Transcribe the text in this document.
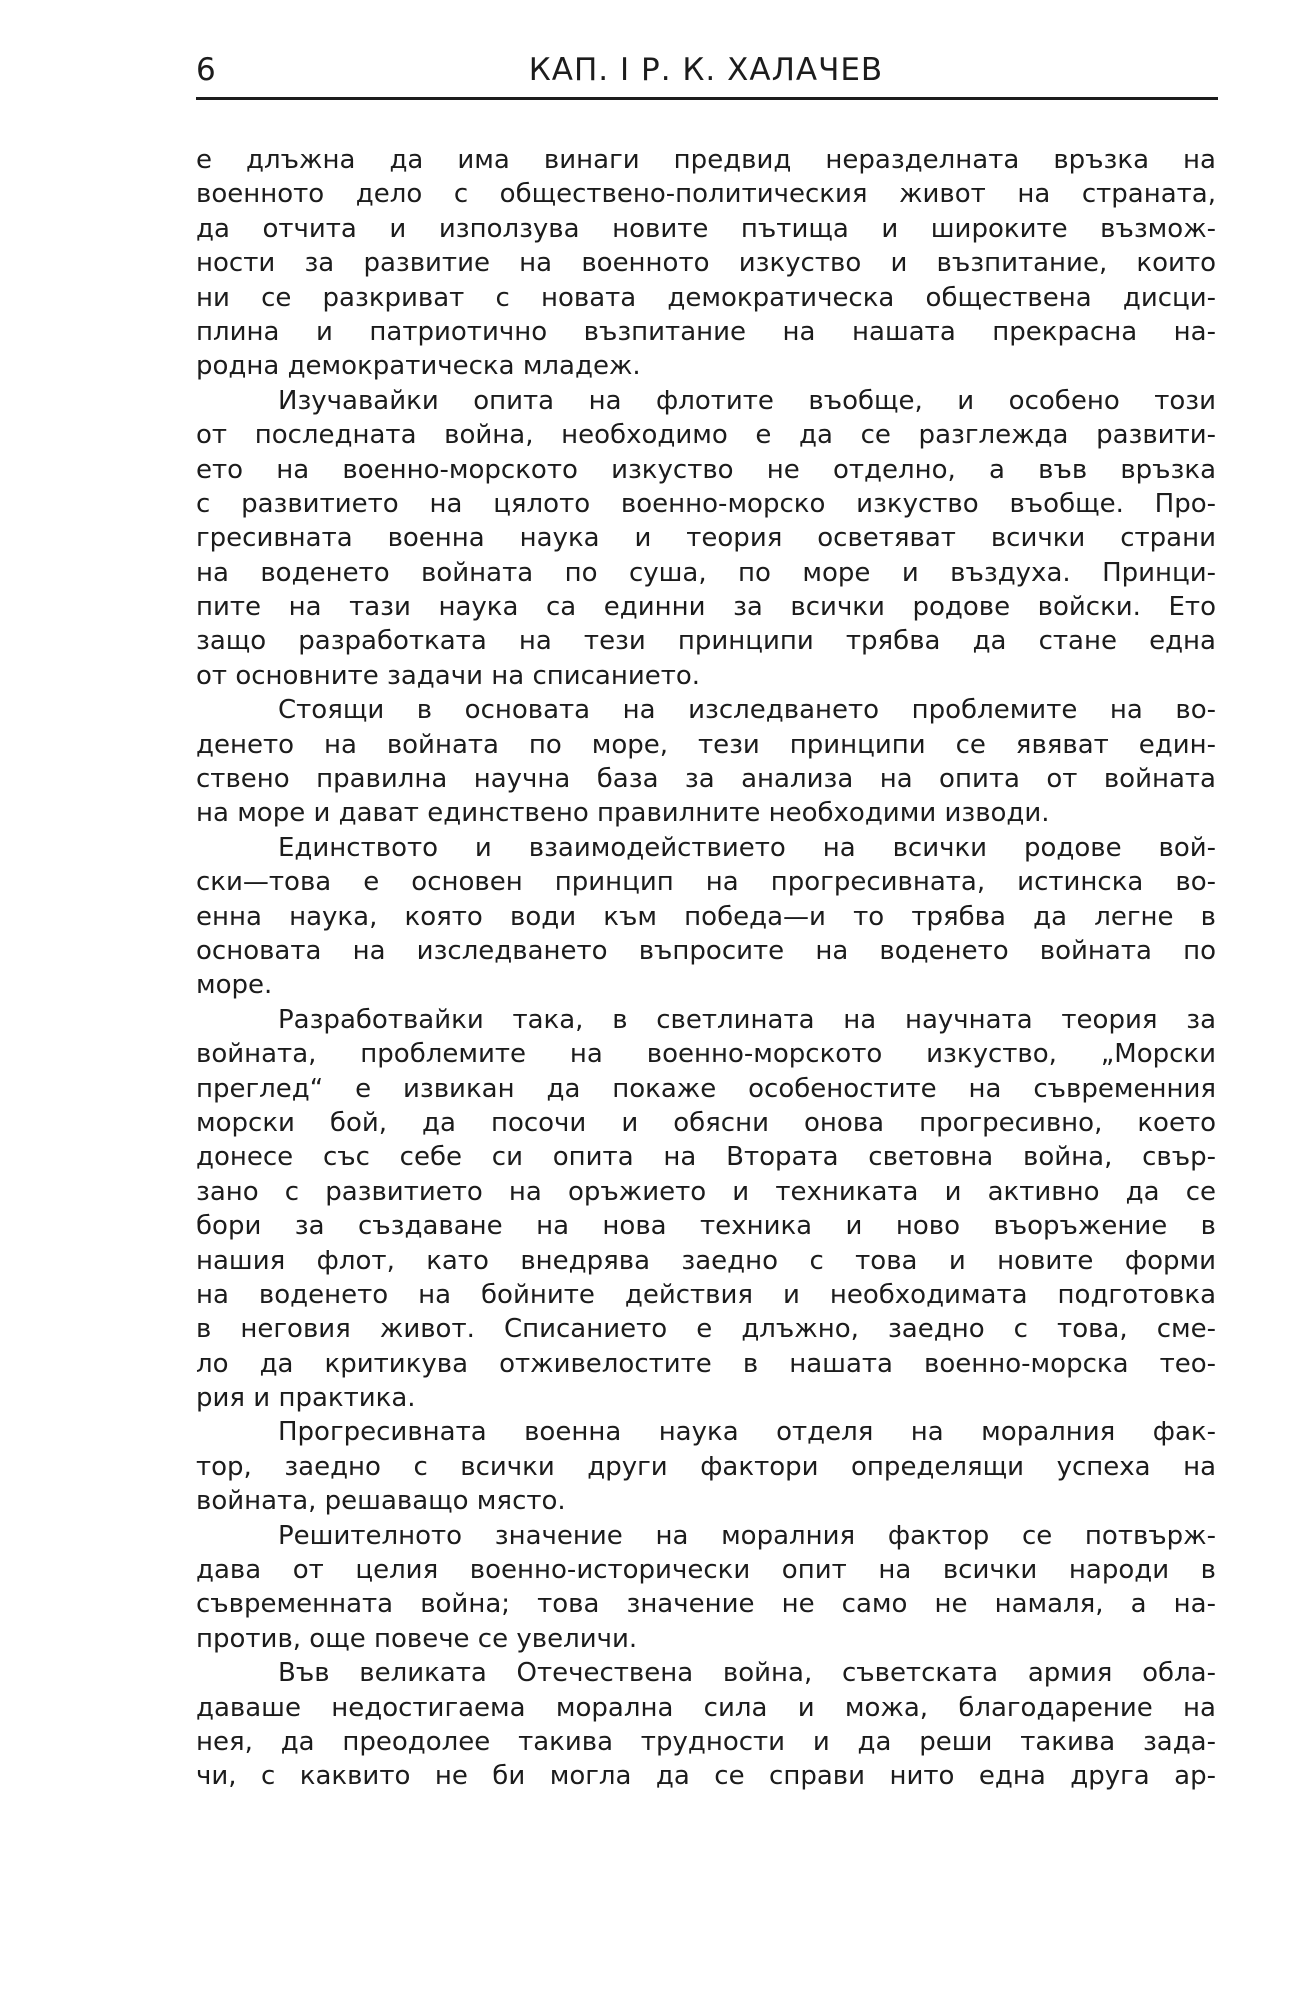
6	КАП. I Р. К. ХАЛАЧЕВ
е длъжна да има винаги предвид неразделната връзка на
военното дело с обществено-политическия живот на страната,
да отчита и използува новите пътища и широките възмож-
ности за развитие на военното изкуство и възпитание, които
ни се разкриват с новата демократическа обществена дисци-
плина и патриотично възпитание на нашата прекрасна на-
родна демократическа младеж.
Изучавайки опита на флотите въобще, и особено този
от последната война, необходимо е да се разглежда развити-
ето на военно-морското изкуство не отделно, а във връзка
с развитието на цялото военно-морско изкуство въобще. Про-
гресивната военна наука и теория осветяват всички страни
на воденето войната по суша, по море и въздуха. Принци-
пите на тази наука са единни за всички родове войски. Ето
защо разработката на тези принципи трябва да стане една
от основните задачи на списанието.
Стоящи в основата на изследването проблемите на во-
денето на войната по море, тези принципи се явяват един-
ствено правилна научна база за анализа на опита от войната
на море и дават единствено правилните необходими изводи.
Единството и взаимодействието на всички родове вой-
ски—това е основен принцип на прогресивната, истинска во-
енна наука, която води към победа—и то трябва да легне в
основата на изследването въпросите на воденето войната по
море.
Разработвайки така, в светлината на научната теория за
войната, проблемите на военно-морското изкуство, „Морски
преглед“ е извикан да покаже особеностите на съвременния
морски бой, да посочи и обясни онова прогресивно, което
донесе със себе си опита на Втората световна война, свър-
зано с развитието на оръжието и техниката и активно да се
бори за създаване на нова техника и ново въоръжение в
нашия флот, като внедрява заедно с това и новите форми
на воденето на бойните действия и необходимата подготовка
в неговия живот. Списанието е длъжно, заедно с това, сме-
ло да критикува отживелостите в нашата военно-морска тео-
рия и практика.
Прогресивната военна наука отделя на моралния фак-
тор, заедно с всички други фактори определящи успеха на
войната, решаващо място.
Решителното значение на моралния фактор се потвърж-
дава от целия военно-исторически опит на всички народи в
съвременната война; това значение не само не намаля, а на-
против, още повече се увеличи.
Във великата Отечествена война, съветската армия обла-
даваше недостигаема морална сила и можа, благодарение на
нея, да преодолее такива трудности и да реши такива зада-
чи, с каквито не би могла да се справи нито една друга ар-
